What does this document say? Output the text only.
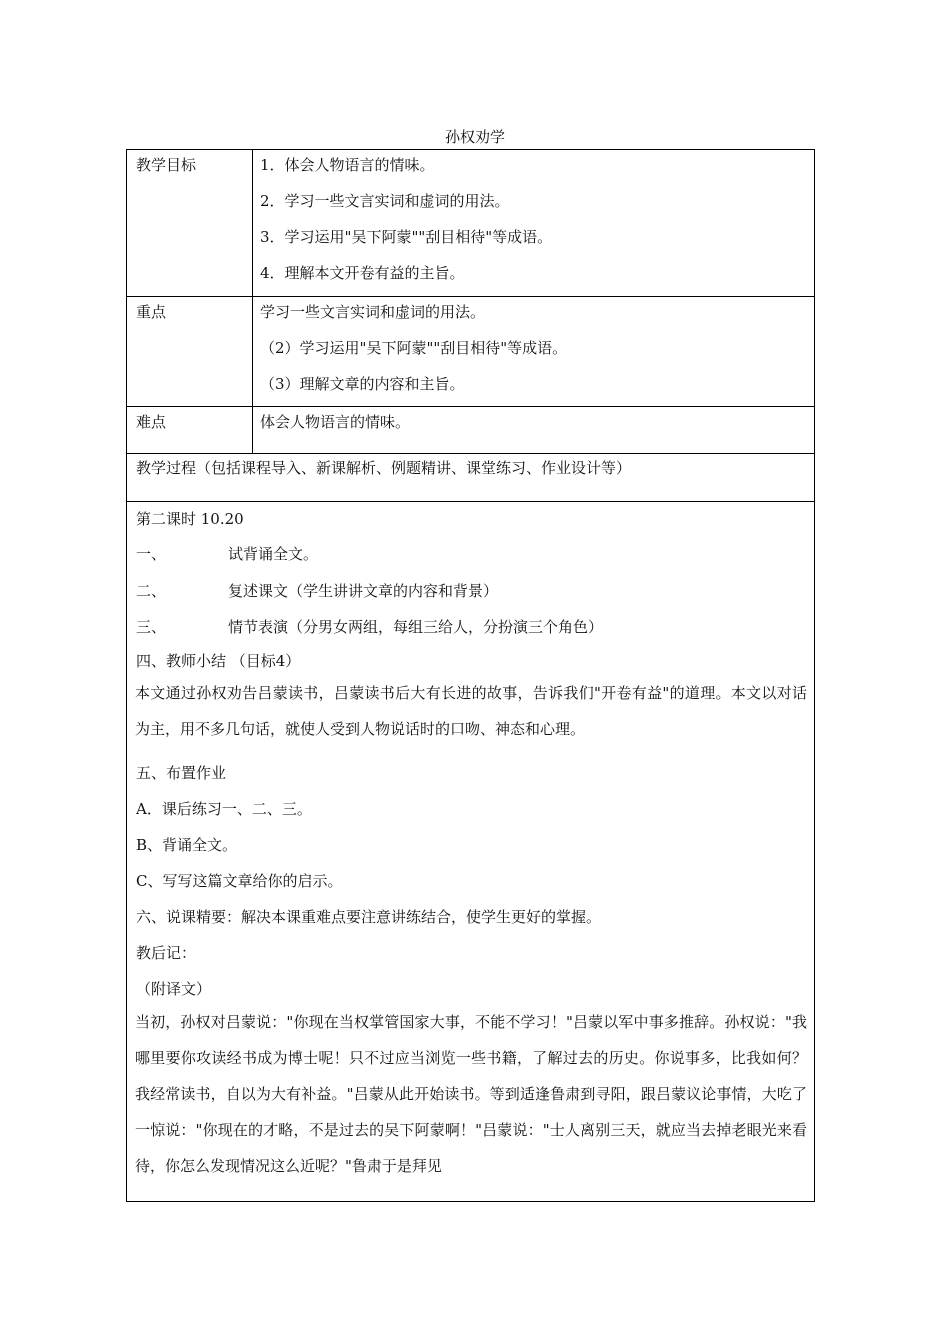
孙权劝学
教学目标	1．体会人物语言的情味。
2．学习一些文言实词和虚词的用法。
3．学习运用"吴下阿蒙""刮目相待"等成语。
4．理解本文开卷有益的主旨。
重点	学习一些文言实词和虚词的用法。
（2）学习运用"吴下阿蒙""刮目相待"等成语。
（3）理解文章的内容和主旨。
难点	体会人物语言的情味。
教学过程（包括课程导入、新课解析、例题精讲、课堂练习、作业设计等）
第二课时 10.20
一、	试背诵全文。
二、	复述课文（学生讲讲文章的内容和背景）
三、	情节表演（分男女两组，每组三给人，分扮演三个角色）
四、教师小结 （目标4）
本文通过孙权劝告吕蒙读书，吕蒙读书后大有长进的故事，告诉我们"开卷有益"的道理。本文以对话为主，用不多几句话，就使人受到人物说话时的口吻、神态和心理。
五、布置作业
A．课后练习一、二、三。
B、背诵全文。
C、写写这篇文章给你的启示。
六、说课精要：解决本课重难点要注意讲练结合，使学生更好的掌握。
教后记：
（附译文）
当初，孙权对吕蒙说："你现在当权掌管国家大事，不能不学习！"吕蒙以军中事多推辞。孙权说："我哪里要你攻读经书成为博士呢！只不过应当浏览一些书籍，了解过去的历史。你说事多，比我如何？我经常读书，自以为大有补益。"吕蒙从此开始读书。等到适逢鲁肃到寻阳，跟吕蒙议论事情，大吃了一惊说："你现在的才略，不是过去的吴下阿蒙啊！"吕蒙说："士人离别三天，就应当去掉老眼光来看待，你怎么发现情况这么近呢？"鲁肃于是拜见
